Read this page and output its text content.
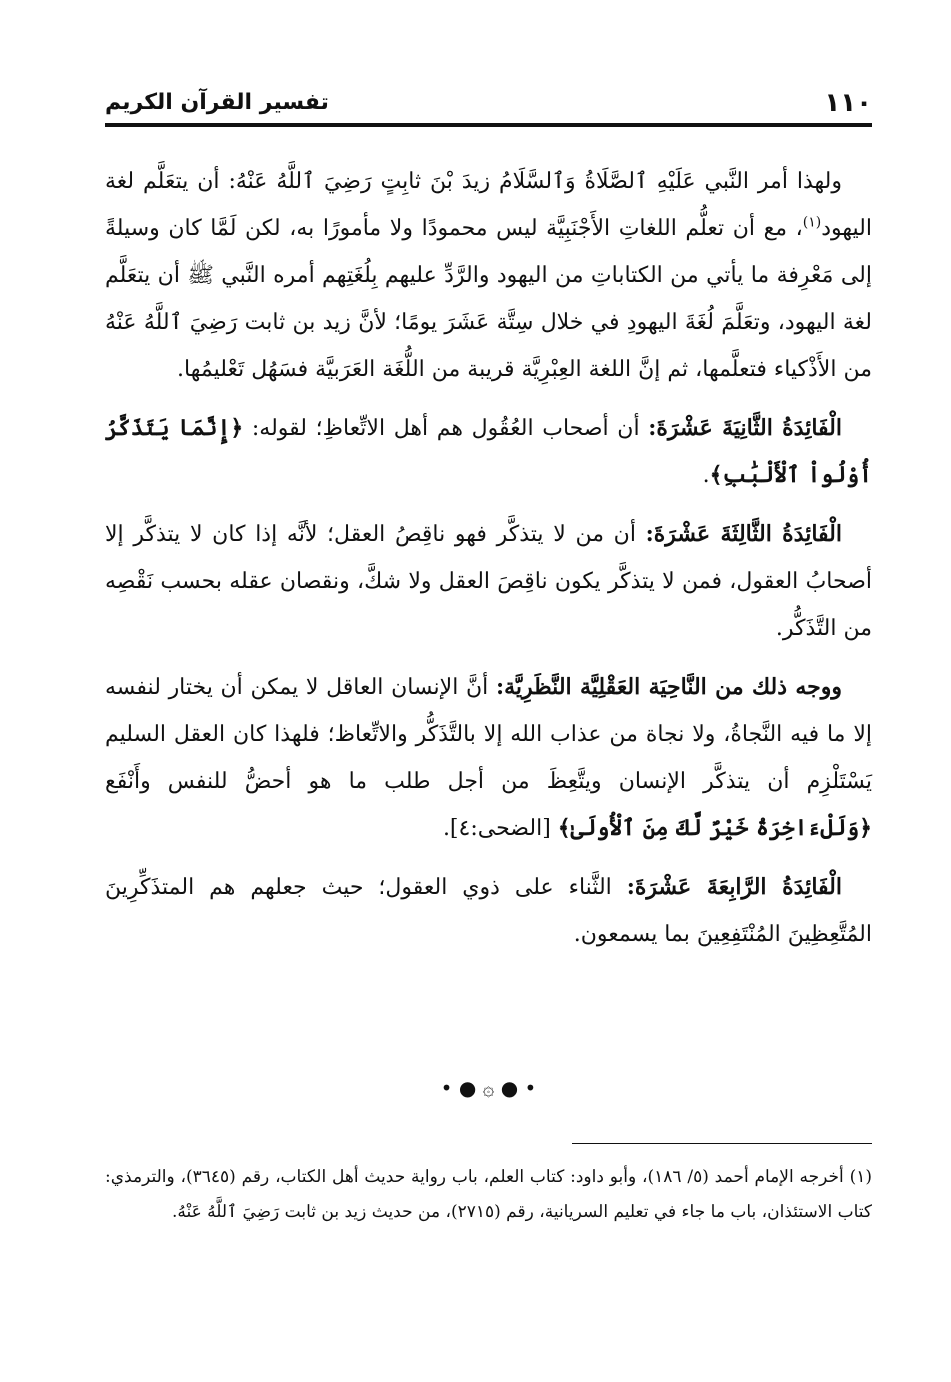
١١٠
تفسير القرآن الكريم

ولهذا أمر النَّبي عَلَيْهِ ٱلصَّلَاةُ وَٱلسَّلَامُ زيدَ بْنَ ثابِتٍ رَضِيَ ٱللَّهُ عَنْهُ: أن يتعَلَّم لغة اليهود$^{(١)}$، مع أن تعلُّم اللغاتِ الأَجْنَبِيَّة ليس محمودًا ولا مأمورًا به، لكن لَمَّا كان وسيلةً إلى مَعْرِفة ما يأتي من الكتاباتِ من اليهود والرَّدِّ عليهم بِلُغَتِهم أمره النَّبي ﷺ أن يتعَلَّم لغة اليهود، وتعَلَّمَ لُغَةَ اليهودِ في خلال سِتَّة عَشَرَ يومًا؛ لأنَّ زيد بن ثابت رَضِيَ ٱللَّهُ عَنْهُ من الأَذْكياء فتعلَّمها، ثم إنَّ اللغة العِبْرِيَّة قريبة من اللُّغَة العَرَبيَّة فسَهُل تَعْليمُها.

الْفَائِدَةُ الثَّانِيَةَ عَشْرَةَ: أن أصحاب العُقُول هم أهل الاتِّعاظِ؛ لقوله: ﴿إِنَّمَا يَتَذَكَّرُ أُوْلُواْ ٱلْأَلْبَٰبِ﴾.

الْفَائِدَةُ الثَّالِثَةَ عَشْرَةَ: أن من لا يتذكَّر فهو ناقِصُ العقل؛ لأنَّه إذا كان لا يتذكَّر إلا أصحابُ العقول، فمن لا يتذكَّر يكون ناقِصَ العقل ولا شكَّ، ونقصان عقله بحسب نَقْصِه من التَّذَكُّر.

ووجه ذلك من النَّاحِيَة العَقْلِيَّة النَّظَرِيَّة: أنَّ الإنسان العاقل لا يمكن أن يختار لنفسه إلا ما فيه النَّجاةُ، ولا نجاة من عذاب الله إلا بالتَّذَكُّر والاتِّعاظ؛ فلهذا كان العقل السليم يَسْتَلْزِم أن يتذكَّر الإنسان ويتَّعِظَ من أجل طلب ما هو أحضُّ للنفس وأَنْفَع ﴿وَلَلْءَاخِرَةُ خَيْرٌ لَّكَ مِنَ ٱلْأُولَىٰ﴾ [الضحى:٤].

الْفَائِدَةُ الرَّابِعَةَ عَشْرَةَ: الثَّناء على ذوي العقول؛ حيث جعلهم هم المتذَكِّرِينَ المُتَّعِظِينَ المُنْتَفِعِينَ بما يسمعون.

• ● ۞ ● •
(١) أخرجه الإمام أحمد (٥/ ١٨٦)، وأبو داود: كتاب العلم، باب رواية حديث أهل الكتاب، رقم (٣٦٤٥)، والترمذي: كتاب الاستئذان، باب ما جاء في تعليم السريانية، رقم (٢٧١٥)، من حديث زيد بن ثابت رَضِيَ ٱللَّهُ عَنْهُ.
